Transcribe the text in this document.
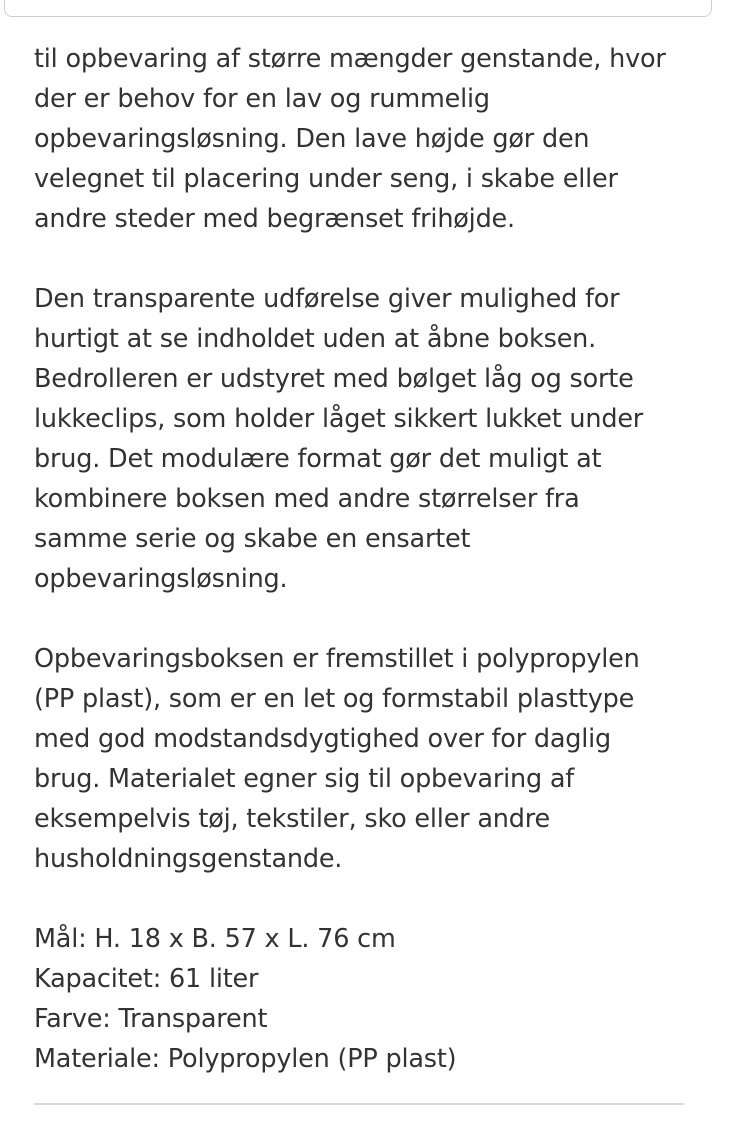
til opbevaring af større mængder genstande, hvor
der er behov for en lav og rummelig
opbevaringsløsning. Den lave højde gør den
velegnet til placering under seng, i skabe eller
andre steder med begrænset frihøjde.

Den transparente udførelse giver mulighed for
hurtigt at se indholdet uden at åbne boksen.
Bedrolleren er udstyret med bølget låg og sorte
lukkeclips, som holder låget sikkert lukket under
brug. Det modulære format gør det muligt at
kombinere boksen med andre størrelser fra
samme serie og skabe en ensartet
opbevaringsløsning.

Opbevaringsboksen er fremstillet i polypropylen
(PP plast), som er en let og formstabil plasttype
med god modstandsdygtighed over for daglig
brug. Materialet egner sig til opbevaring af
eksempelvis tøj, tekstiler, sko eller andre
husholdningsgenstande.

Mål: H. 18 x B. 57 x L. 76 cm
Kapacitet: 61 liter
Farve: Transparent
Materiale: Polypropylen (PP plast)
